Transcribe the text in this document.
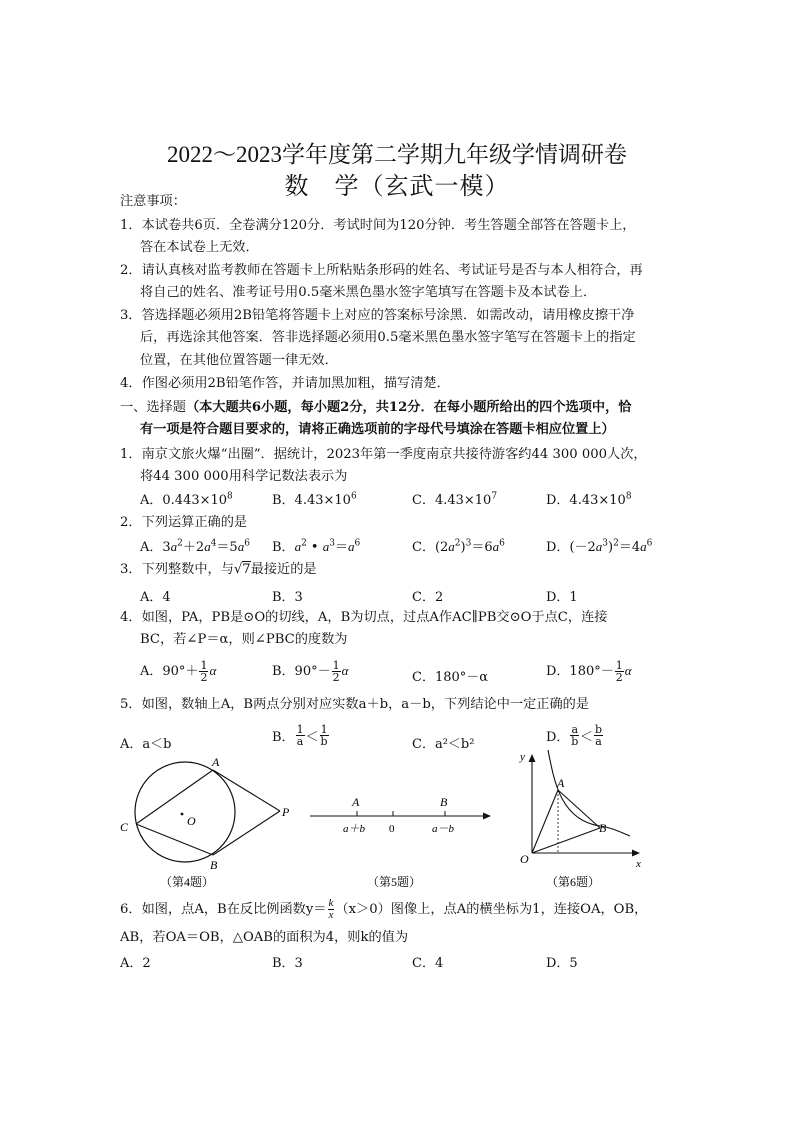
2022～2023学年度第二学期九年级学情调研卷
数　学（玄武一模）
注意事项：
1．本试卷共6页．全卷满分120分．考试时间为120分钟．考生答题全部答在答题卡上，
答在本试卷上无效．
2．请认真核对监考教师在答题卡上所粘贴条形码的姓名、考试证号是否与本人相符合，再
将自己的姓名、准考证号用0.5毫米黑色墨水签字笔填写在答题卡及本试卷上．
3．答选择题必须用2B铅笔将答题卡上对应的答案标号涂黑．如需改动，请用橡皮擦干净
后，再选涂其他答案．答非选择题必须用0.5毫米黑色墨水签字笔写在答题卡上的指定
位置，在其他位置答题一律无效．
4．作图必须用2B铅笔作答，并请加黑加粗，描写清楚．
一、选择题（本大题共6小题，每小题2分，共12分．在每小题所给出的四个选项中，恰
有一项是符合题目要求的，请将正确选项前的字母代号填涂在答题卡相应位置上）
1．南京文旅火爆“出圈”．据统计，2023年第一季度南京共接待游客约44 300 000人次，
将44 300 000用科学记数法表示为
A．$0.443\times 10^8$	B．$4.43\times 10^6$	C．$4.43\times 10^7$	D．$4.43\times 10^8$
2．下列运算正确的是
A．$3a^2+2a^4=5a^6$ B．$a^2$ • $a^3=a^6$	C．$(2a^2)^3=6a^6$	D．$(-2a^3)^2=4a^6$
3．下列整数中，与√7最接近的是
A．4	B．3	C．2	D．1
4．如图，PA，PB是⊙O的切线，A，B为切点，过点A作AC∥PB交⊙O于点C，连接
BC，若∠P＝α，则∠PBC的度数为
A．$90^\circ+ \frac{1}{2}$ α	B．$90^\circ- \frac{1}{2}$ α	C．180°－α	D．$180^\circ- \frac{1}{2}$ α
5．如图，数轴上A，B两点分别对应实数a＋b，a－b，下列结论中一定正确的是
A．a＜b	B． $\frac{1}{a} < \frac{1}{b}$	C．a²＜b²	D． $\frac{a}{b} < \frac{b}{a}$
A
B
C	O
P
（第4题）
A	B
a＋b 0	a－b
（第5题）
A
B
O	x
y
（第6题）
6．如图，点A，B在反比例函数$y= \frac{k}{x} (x>0)$图像上，点A的横坐标为1，连接OA，OB，
AB，若OA＝OB，△OAB的面积为4，则k的值为
A．2	B．3	C．4	D．5
